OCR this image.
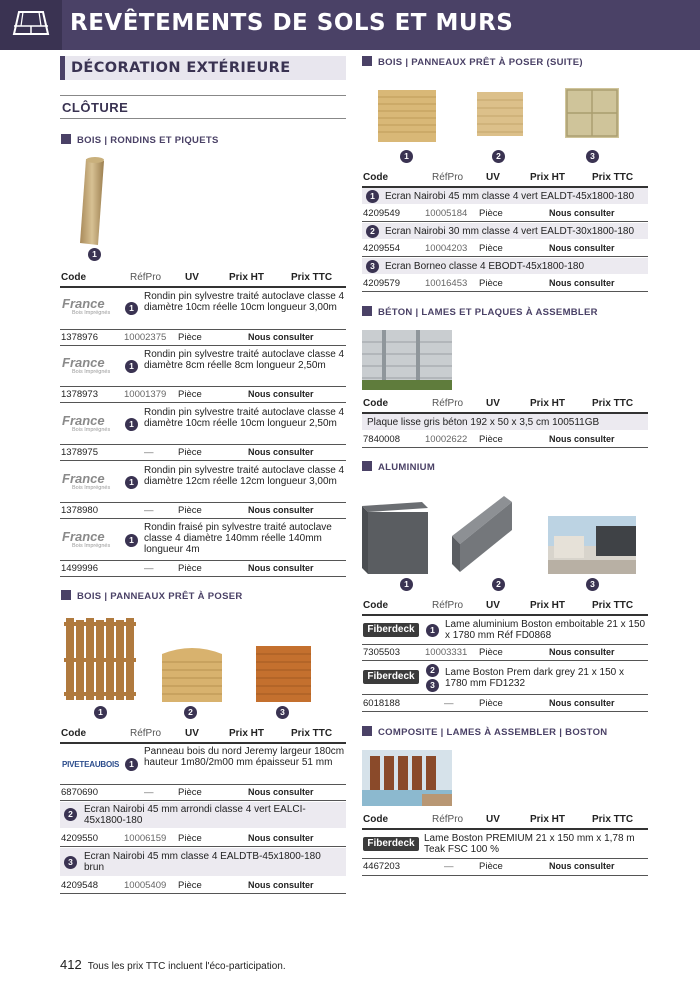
REVÊTEMENTS DE SOLS ET MURS
DÉCORATION EXTÉRIEURE
CLÔTURE
BOIS | RONDINS ET PIQUETS
1
Code	RéfPro UV	Prix HT	Prix TTC
France
Bois Imprégnés	1
Rondin pin sylvestre traité autoclave classe 4 diamètre 10cm réelle 10cm longueur 3,00m
1378976	10002375 Pièce	Nous consulter
France
Bois Imprégnés
1
Rondin pin sylvestre traité autoclave classe 4 diamètre 8cm réelle 8cm longueur 2,50m
1378973	10001379 Pièce	Nous consulter
France
Bois Imprégnés
1
Rondin pin sylvestre traité autoclave classe 4 diamètre 10cm réelle 10cm longueur 2,50m
1378975	—	Pièce	Nous consulter
France
Bois Imprégnés
1
Rondin pin sylvestre traité autoclave classe 4 diamètre 12cm réelle 12cm longueur 3,00m
1378980	—	Pièce	Nous consulter
France
Bois Imprégnés
1
Rondin fraisé pin sylvestre traité autoclave classe 4 diamètre 140mm réelle 140mm longueur 4m
1499996	—	Pièce	Nous consulter
BOIS | PANNEAUX PRÊT À POSER
1	2	3
Code	RéfPro UV	Prix HT	Prix TTC
PIVETEAUBOIS	1
Panneau bois du nord Jeremy largeur 180cm hauteur 1m80/2m00 mm épaisseur 51 mm
6870690	—	Pièce	Nous consulter
2	Ecran Nairobi 45 mm arrondi classe 4 vert EALCI-45x1800-180
4209550	10006159 Pièce	Nous consulter
3	Ecran Nairobi 45 mm classe 4 EALDTB-45x1800-180 brun
4209548	10005409 Pièce	Nous consulter
BOIS | PANNEAUX PRÊT À POSER (SUITE)
1	2	3
Code	RéfPro UV	Prix HT	Prix TTC
1	Ecran Nairobi 45 mm classe 4 vert EALDT-45x1800-180
4209549	10005184 Pièce	Nous consulter
2	Ecran Nairobi 30 mm classe 4 vert EALDT-30x1800-180
4209554	10004203 Pièce	Nous consulter
3	Ecran Borneo classe 4 EBODT-45x1800-180
4209579	10016453 Pièce	Nous consulter
BÉTON | LAMES ET PLAQUES À ASSEMBLER
Code	RéfPro UV	Prix HT	Prix TTC
Plaque lisse gris béton 192 x 50 x 3,5 cm 100511GB
7840008	10002622 Pièce	Nous consulter
ALUMINIUM
1	2	3
Code	RéfPro UV	Prix HT	Prix TTC
Fiberdeck	1	Lame aluminium Boston emboitable 21 x 150 x 1780 mm Réf FD0868
7305503	10003331 Pièce	Nous consulter
Fiberdeck
2
3
Lame Boston Prem dark grey 21 x 150 x 1780 mm FD1232
6018188	—	Pièce	Nous consulter
COMPOSITE | LAMES À ASSEMBLER | BOSTON
Code	RéfPro UV	Prix HT	Prix TTC
Fiberdeck Lame Boston PREMIUM 21 x 150 mm x 1,78 m Teak FSC 100 %
4467203	—	Pièce	Nous consulter
412 Tous les prix TTC incluent l'éco-participation.
